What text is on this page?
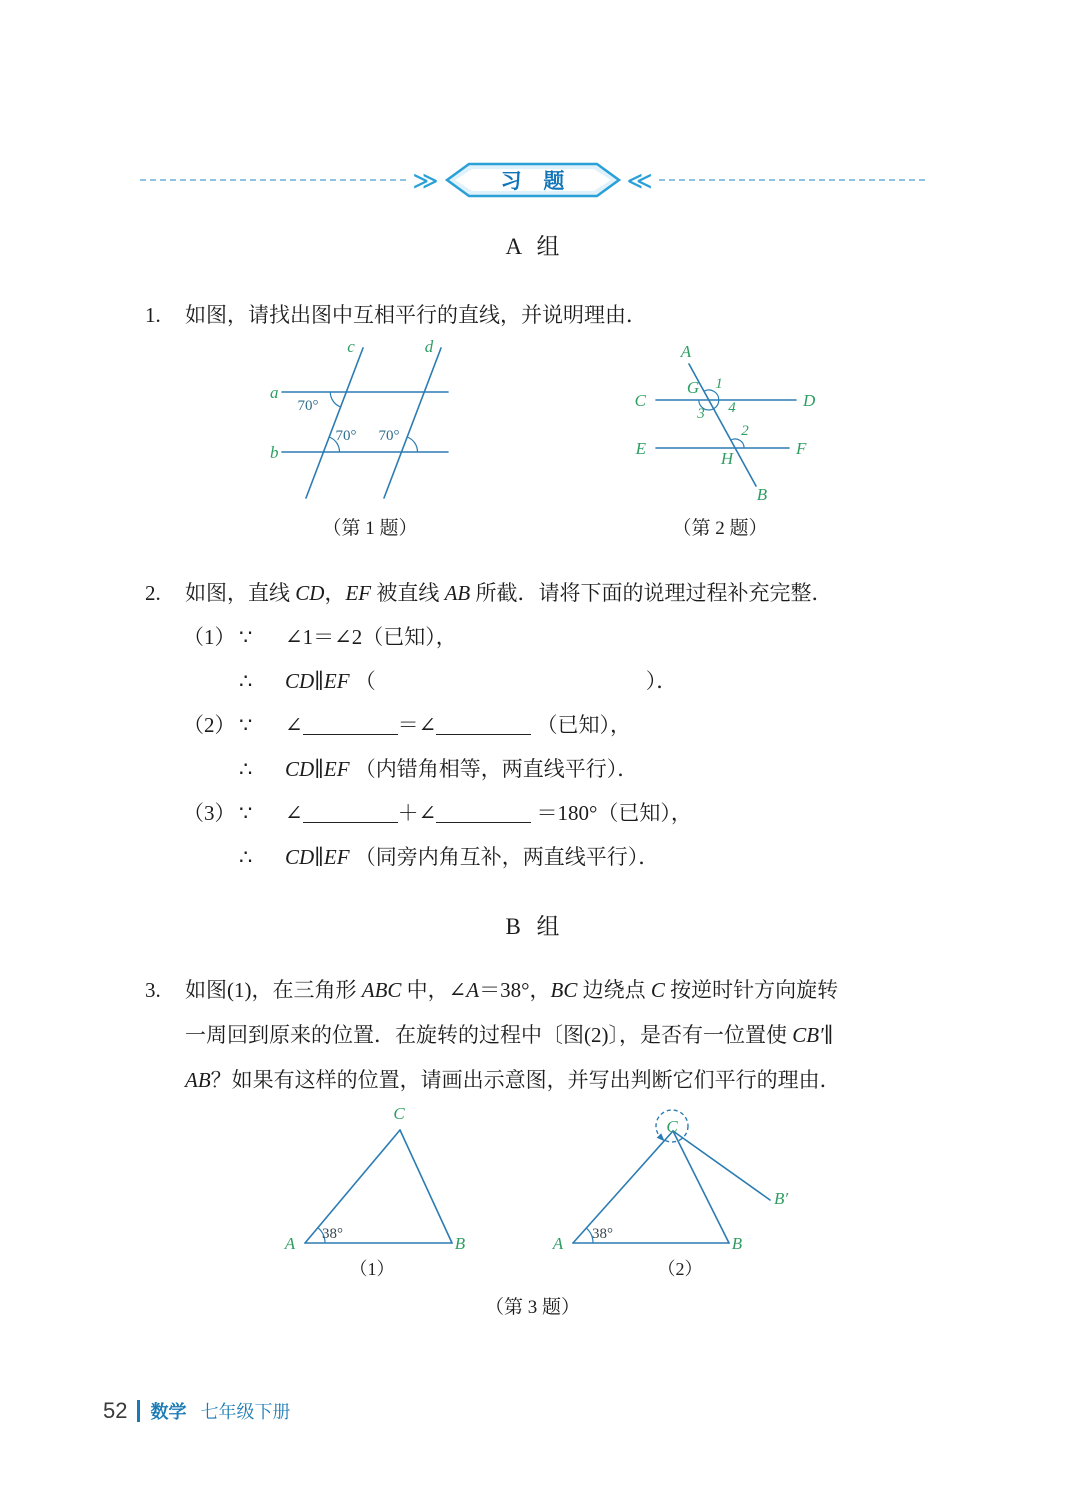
≫	习 题	≪
A 组
1. 如图，请找出图中互相平行的直线，并说明理由．
a
b
c	d
70°
70° 70°
C	D
E	F
A
B
G
H
1
2
3 4
（第 1 题）	（第 2 题）
2. 如图，直线 CD，EF 被直线 AB 所截．请将下面的说理过程补充完整．
（1） ∵ ∠1＝∠2（已知），
∴ CD∥EF （	）．
（2） ∵ ∠	＝∠	（已知），
∴ CD∥EF （内错角相等，两直线平行）．
（3） ∵ ∠	＋∠	＝180°（已知），
∴ CD∥EF （同旁内角互补，两直线平行）．
B 组
3. 如图(1)，在三角形 ABC 中，∠A＝38°，BC 边绕点 C 按逆时针方向旋转
一周回到原来的位置．在旋转的过程中〔图(2)〕，是否有一位置使 CB′∥
AB？如果有这样的位置，请画出示意图，并写出判断它们平行的理由．
38°
A	B
C
（1）
38°
A	B
C
B′
（2）
（第 3 题）
52 数学 七年级下册
